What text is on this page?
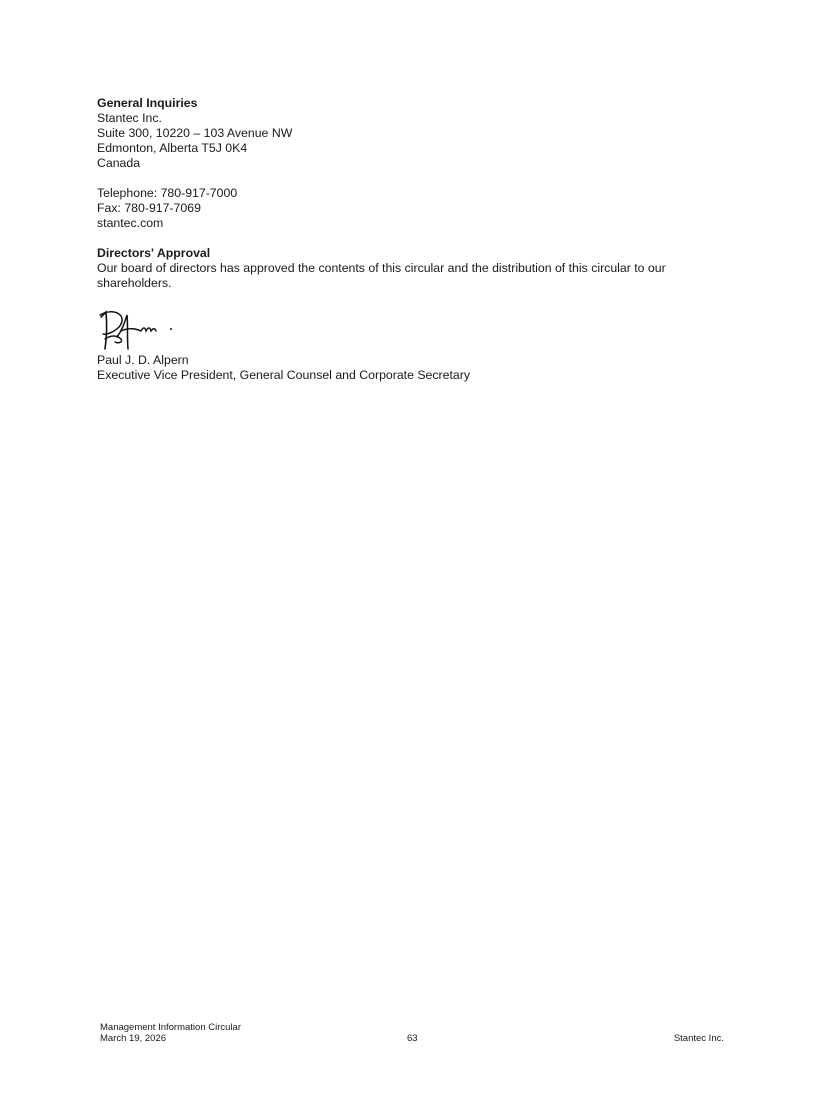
General Inquiries
Stantec Inc.
Suite 300, 10220 – 103 Avenue NW
Edmonton, Alberta T5J 0K4
Canada
Telephone: 780-917-7000
Fax: 780-917-7069
stantec.com
Directors' Approval
Our board of directors has approved the contents of this circular and the distribution of this circular to our shareholders.
Paul J. D. Alpern
Executive Vice President, General Counsel and Corporate Secretary
Management Information Circular
March 19, 2026	63	Stantec Inc.
